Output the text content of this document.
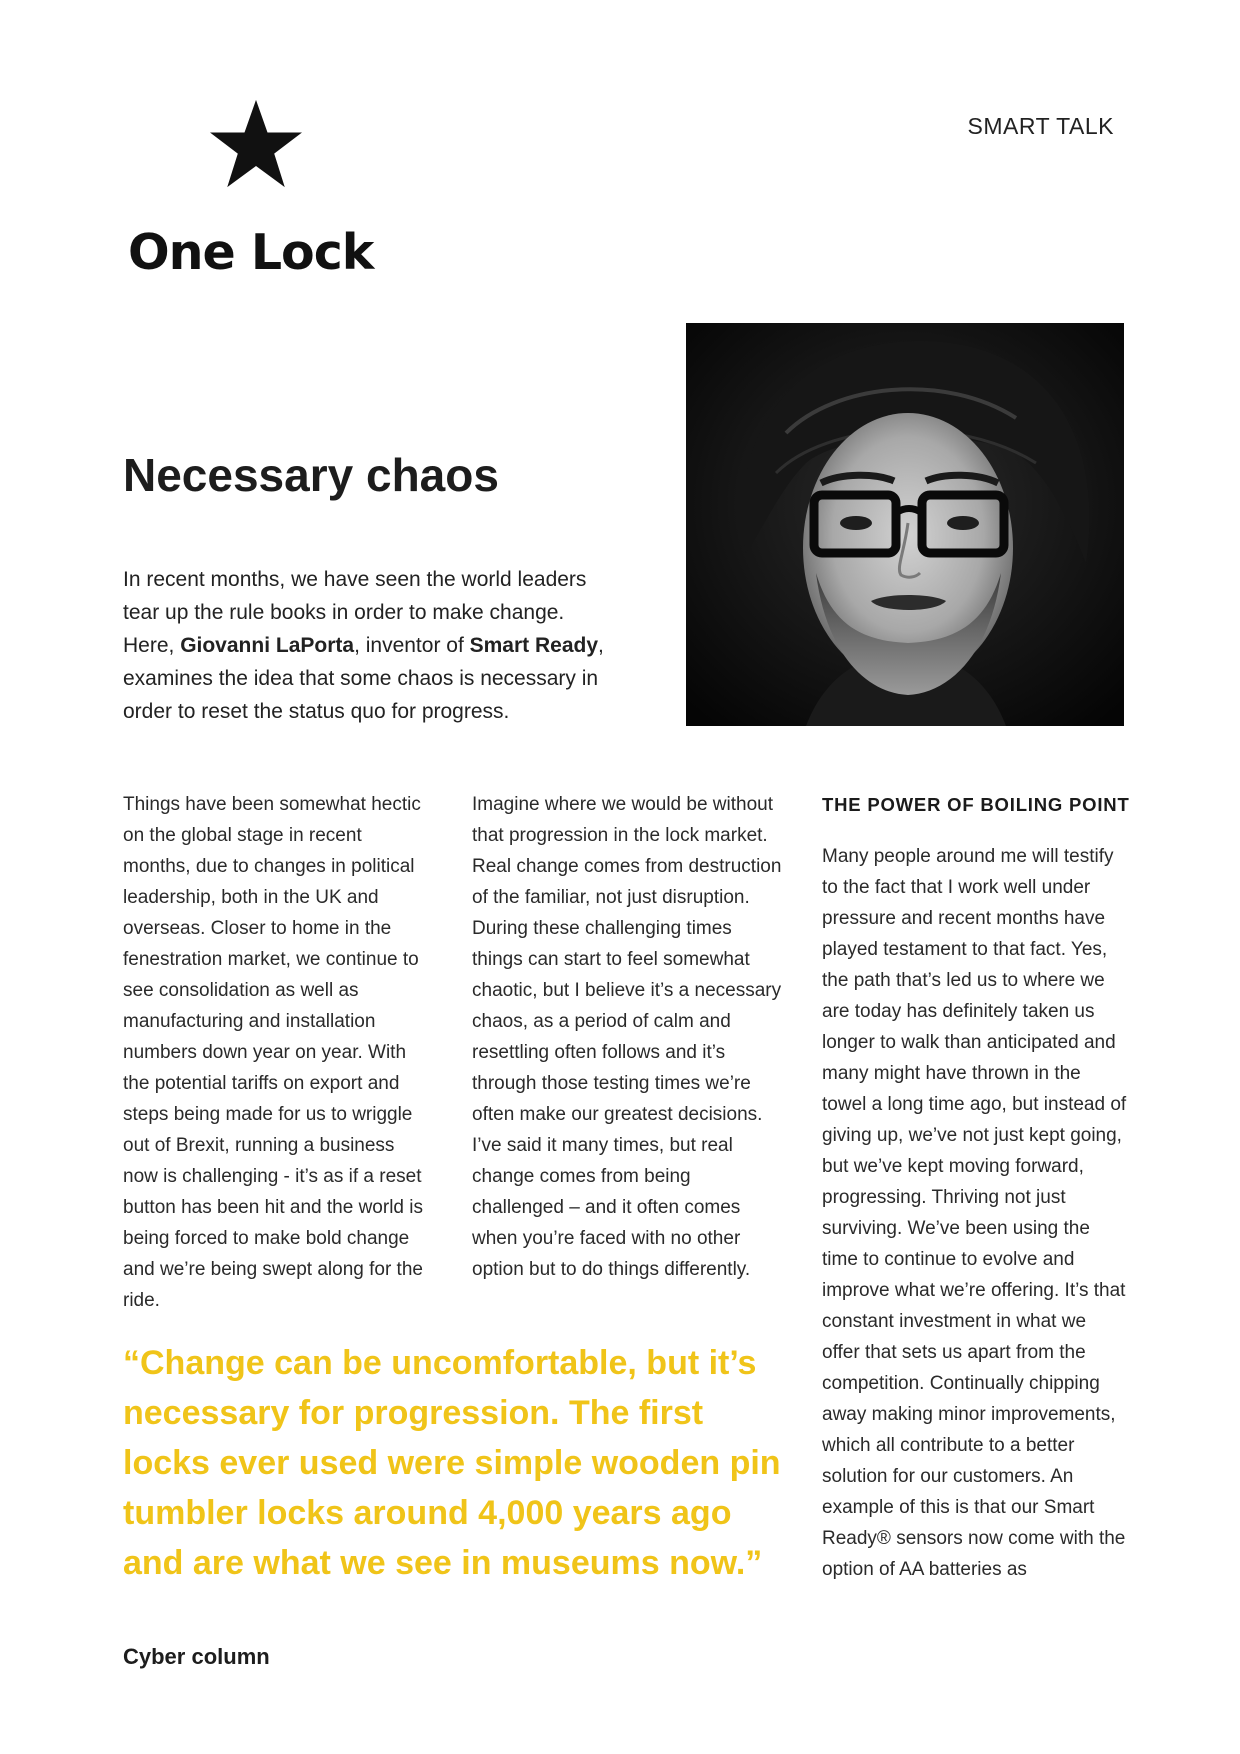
One Lock
SMART TALK
Necessary chaos

In recent months, we have seen the world leaders tear up the rule books in order to make change. Here, Giovanni LaPorta, inventor of Smart Ready, examines the idea that some chaos is necessary in order to reset the status quo for progress.

Things have been somewhat hectic on the global stage in recent months, due to changes in political leadership, both in the UK and overseas. Closer to home in the fenestration market, we continue to see consolidation as well as manufacturing and installation numbers down year on year. With the potential tariffs on export and steps being made for us to wriggle out of Brexit, running a business now is challenging - it’s as if a reset button has been hit and the world is being forced to make bold change and we’re being swept along for the ride.

Imagine where we would be without that progression in the lock market. Real change comes from destruction of the familiar, not just disruption. During these challenging times things can start to feel somewhat chaotic, but I believe it’s a necessary chaos, as a period of calm and resettling often follows and it’s through those testing times we’re often make our greatest decisions. I’ve said it many times, but real change comes from being challenged – and it often comes when you’re faced with no other option but to do things differently.

THE POWER OF BOILING POINT

Many people around me will testify to the fact that I work well under pressure and recent months have played testament to that fact. Yes, the path that’s led us to where we are today has definitely taken us longer to walk than anticipated and many might have thrown in the towel a long time ago, but instead of giving up, we’ve not just kept going, but we’ve kept moving forward, progressing. Thriving not just surviving. We’ve been using the time to continue to evolve and improve what we’re offering. It’s that constant investment in what we offer that sets us apart from the competition. Continually chipping away making minor improvements, which all contribute to a better solution for our customers. An example of this is that our Smart Ready® sensors now come with the option of AA batteries as

“Change can be uncomfortable, but it’s necessary for progression. The first locks ever used were simple wooden pin tumbler locks around 4,000 years ago and are what we see in museums now.”

Cyber column
